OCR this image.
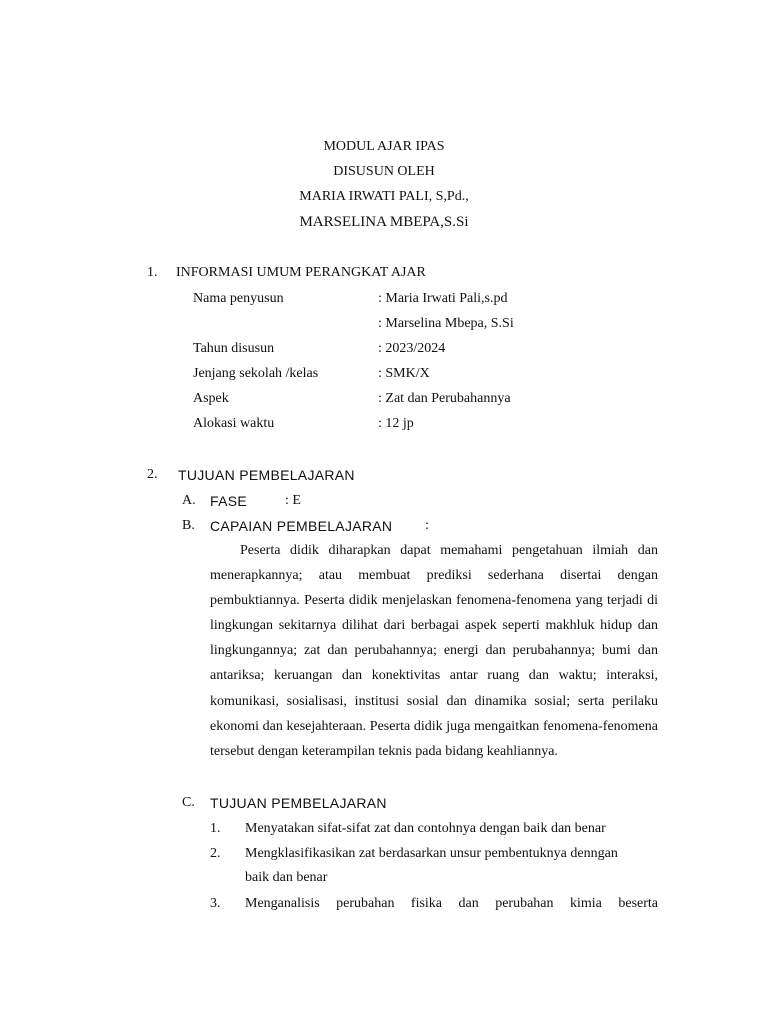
MODUL AJAR IPAS
DISUSUN OLEH
MARIA IRWATI PALI, S,Pd.,
MARSELINA MBEPA,S.Si
1. INFORMASI UMUM PERANGKAT AJAR
Nama penyusun	: Maria Irwati Pali,s.pd
: Marselina Mbepa, S.Si
Tahun disusun	: 2023/2024
Jenjang sekolah /kelas	: SMK/X
Aspek	: Zat dan Perubahannya
Alokasi waktu	: 12 jp
2. TUJUAN PEMBELAJARAN
A. FASE	: E
B. CAPAIAN PEMBELAJARAN :
Peserta didik diharapkan dapat memahami pengetahuan ilmiah dan menerapkannya; atau membuat prediksi sederhana disertai dengan pembuktiannya. Peserta didik menjelaskan fenomena-fenomena yang terjadi di lingkungan sekitarnya dilihat dari berbagai aspek seperti makhluk hidup dan lingkungannya; zat dan perubahannya; energi dan perubahannya; bumi dan antariksa; keruangan dan konektivitas antar ruang dan waktu; interaksi, komunikasi, sosialisasi, institusi sosial dan dinamika sosial; serta perilaku ekonomi dan kesejahteraan. Peserta didik juga mengaitkan fenomena-fenomena tersebut dengan keterampilan teknis pada bidang keahliannya.
C. TUJUAN PEMBELAJARAN
1. Menyatakan sifat-sifat zat dan contohnya dengan baik dan benar
2. Mengklasifikasikan zat berdasarkan unsur pembentuknya denngan
baik dan benar
3. Menganalisis perubahan fisika dan perubahan kimia beserta
